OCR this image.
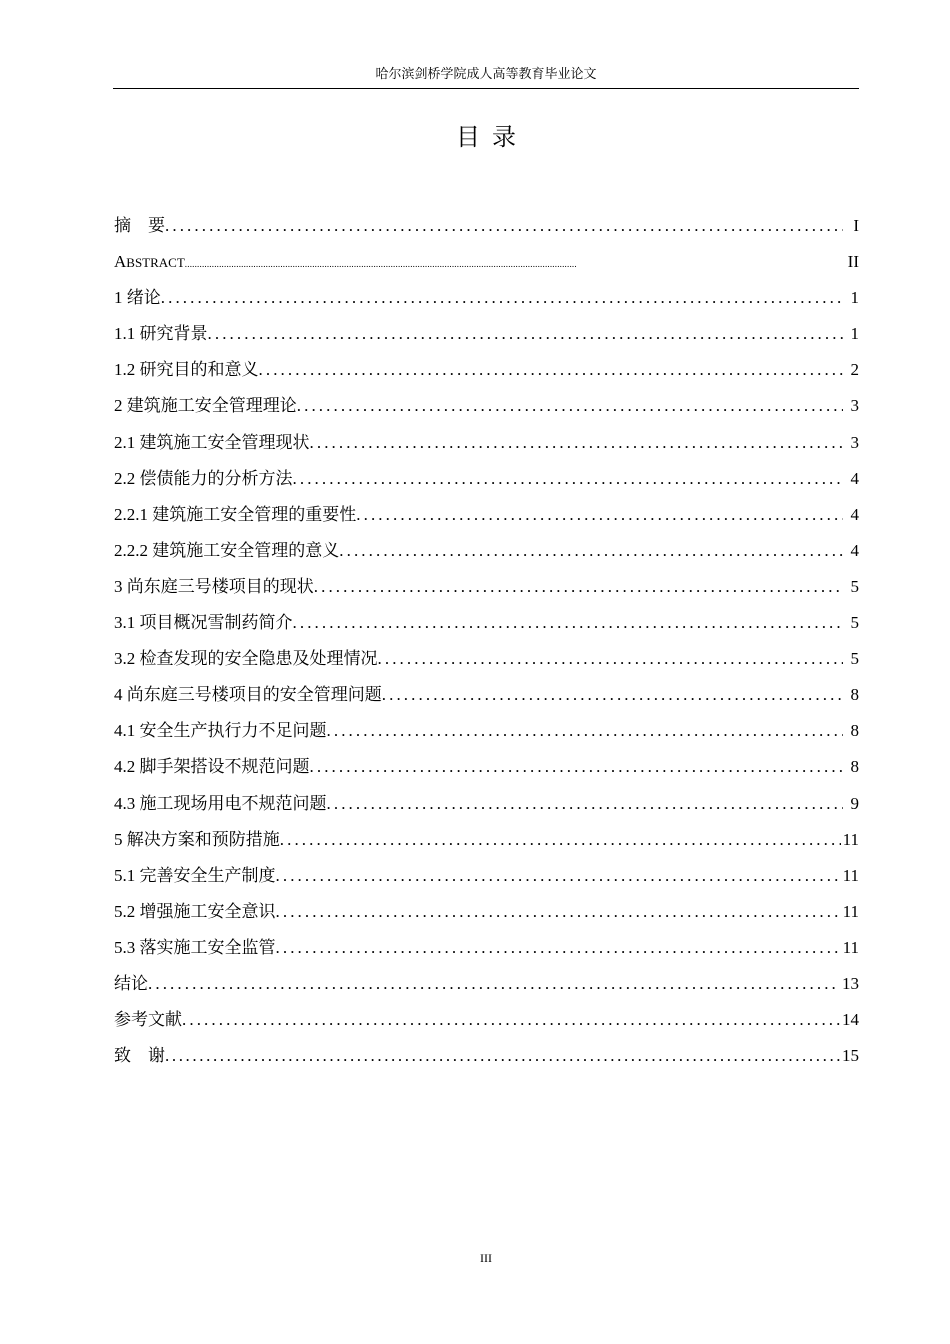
哈尔滨剑桥学院成人高等教育毕业论文
目  录
摘　要 .....	I
ABSTRACT .....	II
1 绪论 .....	1
1.1 研究背景 .....	1
1.2 研究目的和意义 .....	2
2 建筑施工安全管理理论 .....	3
2.1 建筑施工安全管理现状 .....	3
2.2 偿债能力的分析方法 .....	4
2.2.1 建筑施工安全管理的重要性 .....	4
2.2.2 建筑施工安全管理的意义 .....	4
3 尚东庭三号楼项目的现状 .....	5
3.1 项目概况雪制药简介 .....	5
3.2 检查发现的安全隐患及处理情况 .....	5
4 尚东庭三号楼项目的安全管理问题 .....	8
4.1 安全生产执行力不足问题 .....	8
4.2 脚手架搭设不规范问题 .....	8
4.3 施工现场用电不规范问题 .....	9
5 解决方案和预防措施 .....	11
5.1 完善安全生产制度 .....	11
5.2 增强施工安全意识 .....	11
5.3 落实施工安全监管 .....	11
结论 .....	13
参考文献 .....	14
致　谢 .....	15
III
